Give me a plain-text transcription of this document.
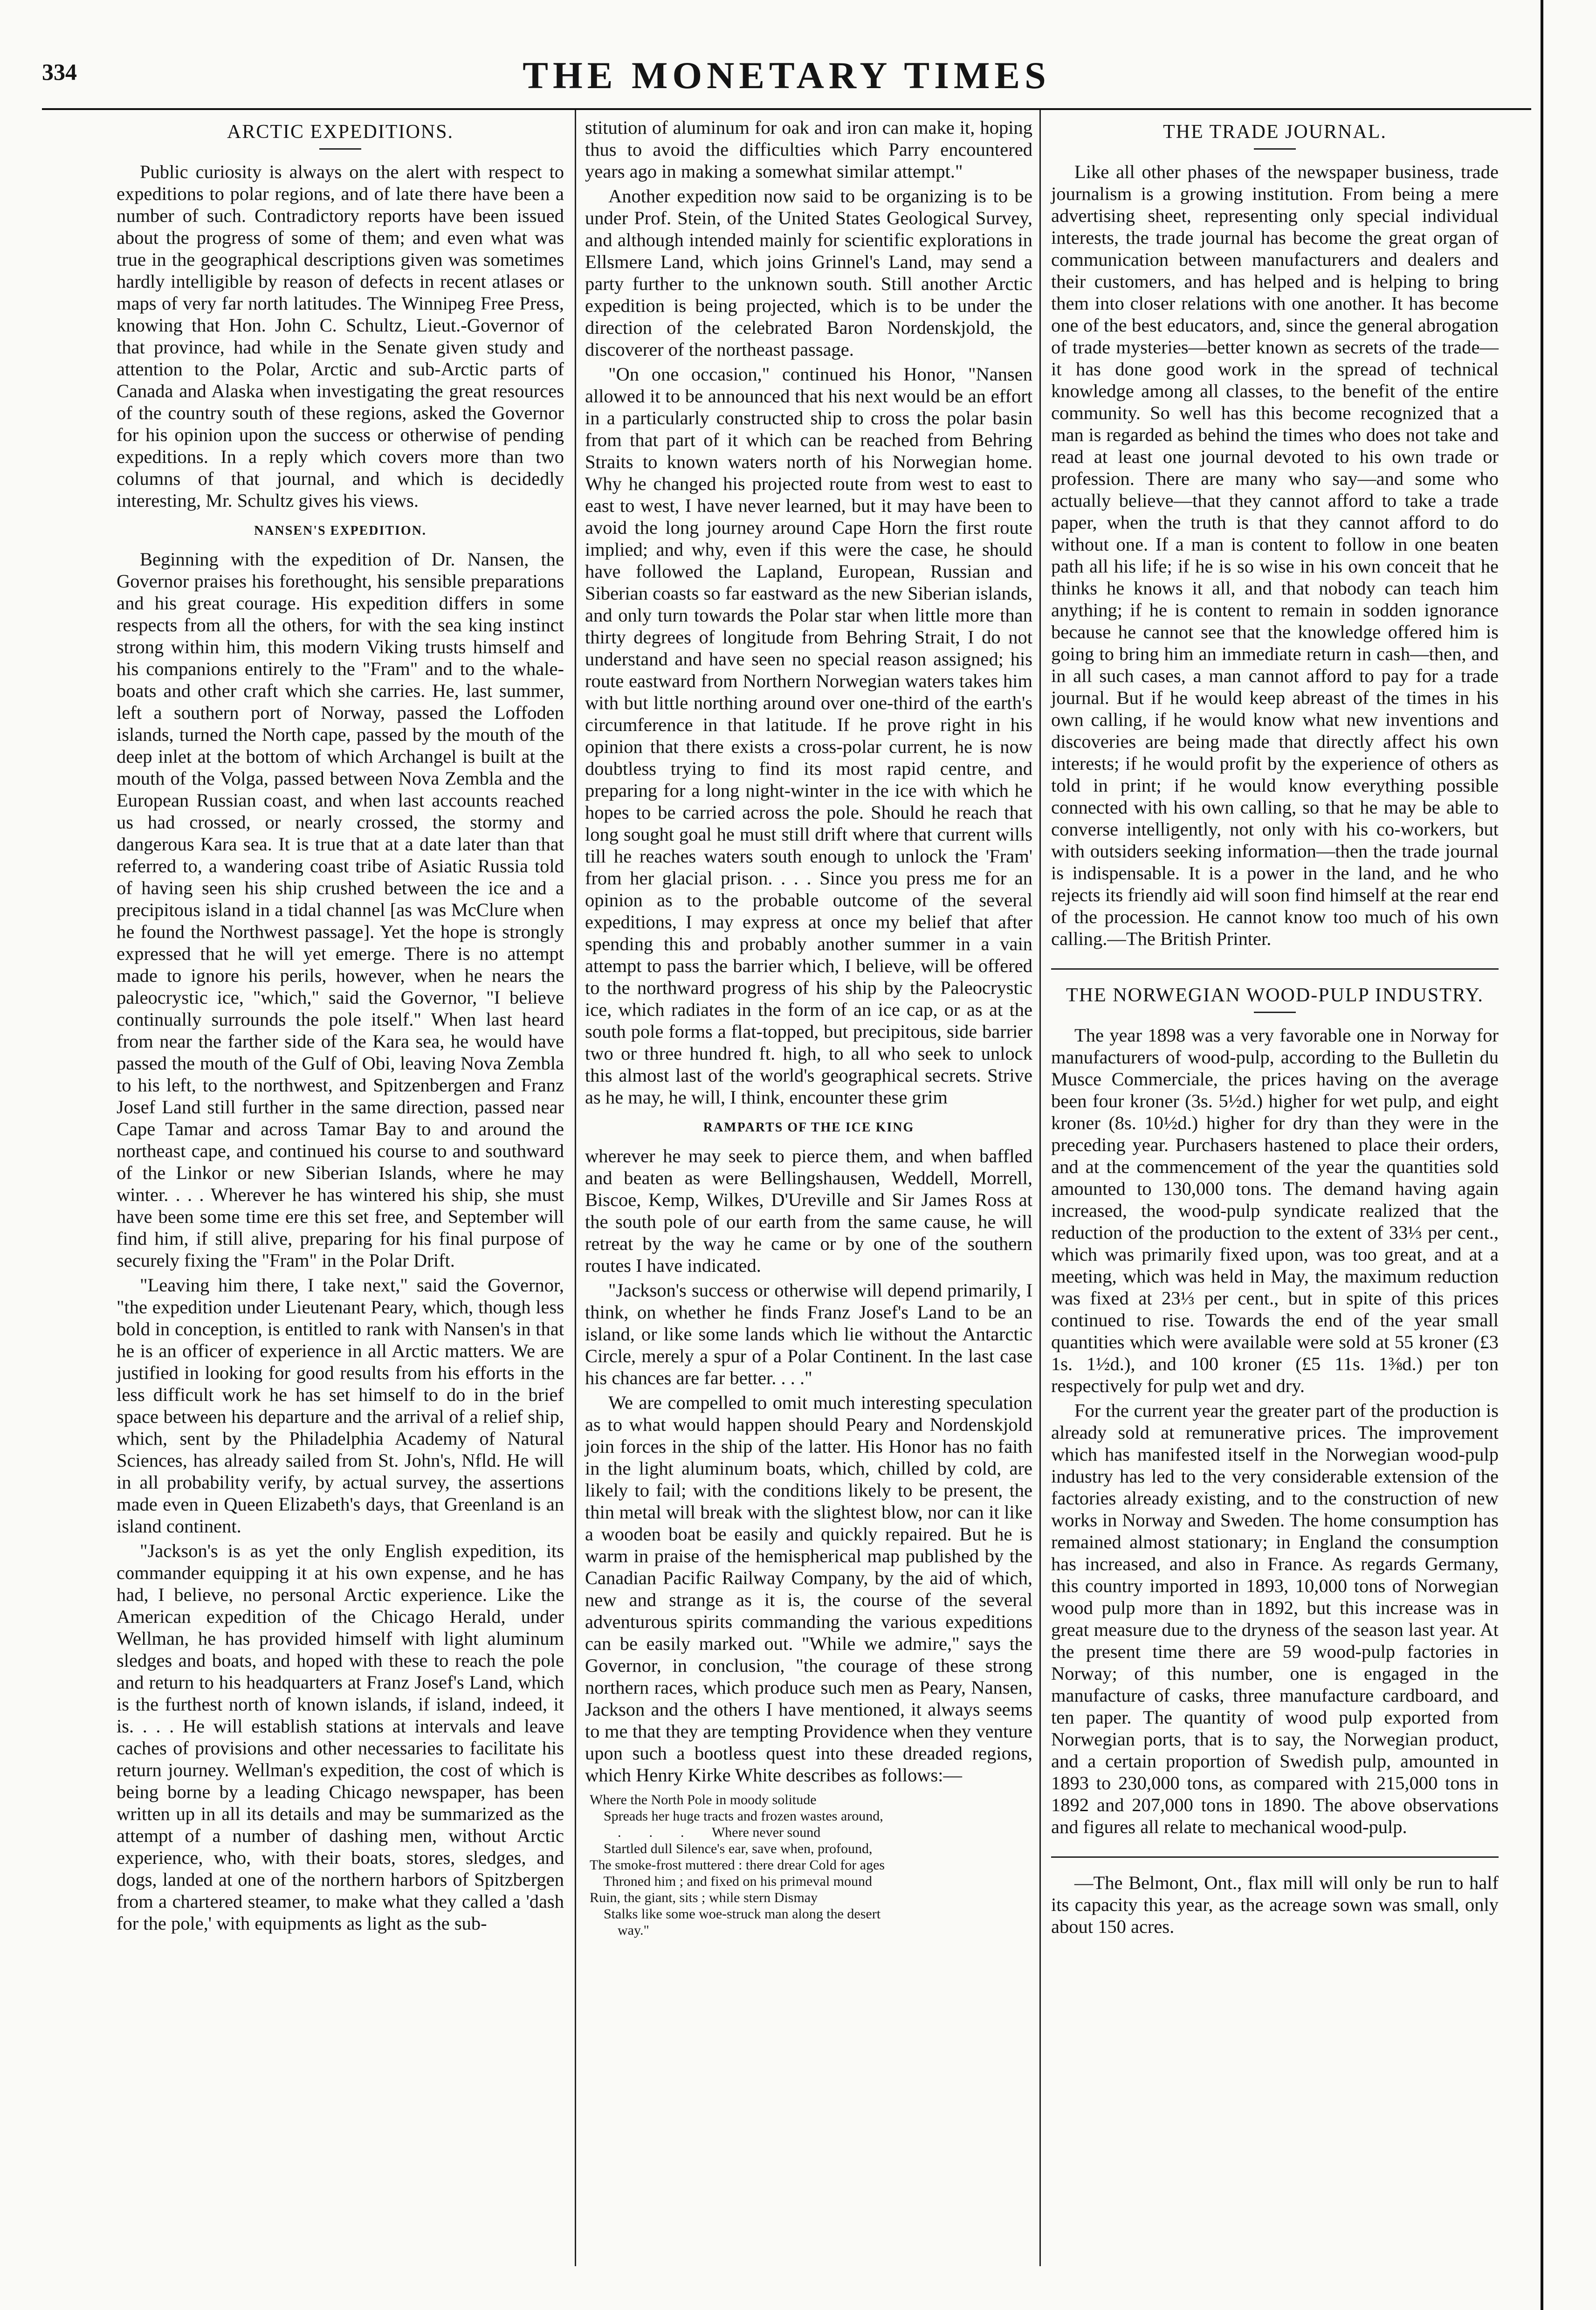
334	THE MONETARY TIMES
ARCTIC EXPEDITIONS.

Public curiosity is always on the alert with respect to expeditions to polar regions, and of late there have been a number of such. Contradictory reports have been issued about the progress of some of them; and even what was true in the geographical descriptions given was sometimes hardly intelligible by reason of defects in recent atlases or maps of very far north latitudes. The Winnipeg Free Press, knowing that Hon. John C. Schultz, Lieut.-Governor of that province, had while in the Senate given study and attention to the Polar, Arctic and sub-Arctic parts of Canada and Alaska when investigating the great resources of the country south of these regions, asked the Governor for his opinion upon the success or otherwise of pending expeditions. In a reply which covers more than two columns of that journal, and which is decidedly interesting, Mr. Schultz gives his views.

NANSEN'S EXPEDITION.

Beginning with the expedition of Dr. Nansen, the Governor praises his forethought, his sensible preparations and his great courage. His expedition differs in some respects from all the others, for with the sea king instinct strong within him, this modern Viking trusts himself and his companions entirely to the "Fram" and to the whale-boats and other craft which she carries. He, last summer, left a southern port of Norway, passed the Loffoden islands, turned the North cape, passed by the mouth of the deep inlet at the bottom of which Archangel is built at the mouth of the Volga, passed between Nova Zembla and the European Russian coast, and when last accounts reached us had crossed, or nearly crossed, the stormy and dangerous Kara sea. It is true that at a date later than that referred to, a wandering coast tribe of Asiatic Russia told of having seen his ship crushed between the ice and a precipitous island in a tidal channel [as was McClure when he found the Northwest passage]. Yet the hope is strongly expressed that he will yet emerge. There is no attempt made to ignore his perils, however, when he nears the paleocrystic ice, "which," said the Governor, "I believe continually surrounds the pole itself." When last heard from near the farther side of the Kara sea, he would have passed the mouth of the Gulf of Obi, leaving Nova Zembla to his left, to the northwest, and Spitzenbergen and Franz Josef Land still further in the same direction, passed near Cape Tamar and across Tamar Bay to and around the northeast cape, and continued his course to and southward of the Linkor or new Siberian Islands, where he may winter. . . . Wherever he has wintered his ship, she must have been some time ere this set free, and September will find him, if still alive, preparing for his final purpose of securely fixing the "Fram" in the Polar Drift.

"Leaving him there, I take next," said the Governor, "the expedition under Lieutenant Peary, which, though less bold in conception, is entitled to rank with Nansen's in that he is an officer of experience in all Arctic matters. We are justified in looking for good results from his efforts in the less difficult work he has set himself to do in the brief space between his departure and the arrival of a relief ship, which, sent by the Philadelphia Academy of Natural Sciences, has already sailed from St. John's, Nfld. He will in all probability verify, by actual survey, the assertions made even in Queen Elizabeth's days, that Greenland is an island continent.

"Jackson's is as yet the only English expedition, its commander equipping it at his own expense, and he has had, I believe, no personal Arctic experience. Like the American expedition of the Chicago Herald, under Wellman, he has provided himself with light aluminum sledges and boats, and hoped with these to reach the pole and return to his headquarters at Franz Josef's Land, which is the furthest north of known islands, if island, indeed, it is. . . . He will establish stations at intervals and leave caches of provisions and other necessaries to facilitate his return journey. Wellman's expedition, the cost of which is being borne by a leading Chicago newspaper, has been written up in all its details and may be summarized as the attempt of a number of dashing men, without Arctic experience, who, with their boats, stores, sledges, and dogs, landed at one of the northern harbors of Spitzbergen from a chartered steamer, to make what they called a 'dash for the pole,' with equipments as light as the sub-

stitution of aluminum for oak and iron can make it, hoping thus to avoid the difficulties which Parry encountered years ago in making a somewhat similar attempt."

Another expedition now said to be organizing is to be under Prof. Stein, of the United States Geological Survey, and although intended mainly for scientific explorations in Ellsmere Land, which joins Grinnel's Land, may send a party further to the unknown south. Still another Arctic expedition is being projected, which is to be under the direction of the celebrated Baron Nordenskjold, the discoverer of the northeast passage.

"On one occasion," continued his Honor, "Nansen allowed it to be announced that his next would be an effort in a particularly constructed ship to cross the polar basin from that part of it which can be reached from Behring Straits to known waters north of his Norwegian home. Why he changed his projected route from west to east to east to west, I have never learned, but it may have been to avoid the long journey around Cape Horn the first route implied; and why, even if this were the case, he should have followed the Lapland, European, Russian and Siberian coasts so far eastward as the new Siberian islands, and only turn towards the Polar star when little more than thirty degrees of longitude from Behring Strait, I do not understand and have seen no special reason assigned; his route eastward from Northern Norwegian waters takes him with but little northing around over one-third of the earth's circumference in that latitude. If he prove right in his opinion that there exists a cross-polar current, he is now doubtless trying to find its most rapid centre, and preparing for a long night-winter in the ice with which he hopes to be carried across the pole. Should he reach that long sought goal he must still drift where that current wills till he reaches waters south enough to unlock the 'Fram' from her glacial prison. . . . Since you press me for an opinion as to the probable outcome of the several expeditions, I may express at once my belief that after spending this and probably another summer in a vain attempt to pass the barrier which, I believe, will be offered to the northward progress of his ship by the Paleocrystic ice, which radiates in the form of an ice cap, or as at the south pole forms a flat-topped, but precipitous, side barrier two or three hundred ft. high, to all who seek to unlock this almost last of the world's geographical secrets. Strive as he may, he will, I think, encounter these grim

RAMPARTS OF THE ICE KING

wherever he may seek to pierce them, and when baffled and beaten as were Bellingshausen, Weddell, Morrell, Biscoe, Kemp, Wilkes, D'Ureville and Sir James Ross at the south pole of our earth from the same cause, he will retreat by the way he came or by one of the southern routes I have indicated.

"Jackson's success or otherwise will depend primarily, I think, on whether he finds Franz Josef's Land to be an island, or like some lands which lie without the Antarctic Circle, merely a spur of a Polar Continent. In the last case his chances are far better. . . ."

We are compelled to omit much interesting speculation as to what would happen should Peary and Nordenskjold join forces in the ship of the latter. His Honor has no faith in the light aluminum boats, which, chilled by cold, are likely to fail; with the conditions likely to be present, the thin metal will break with the slightest blow, nor can it like a wooden boat be easily and quickly repaired. But he is warm in praise of the hemispherical map published by the Canadian Pacific Railway Company, by the aid of which, new and strange as it is, the course of the several adventurous spirits commanding the various expeditions can be easily marked out. "While we admire," says the Governor, in conclusion, "the courage of these strong northern races, which produce such men as Peary, Nansen, Jackson and the others I have mentioned, it always seems to me that they are tempting Providence when they venture upon such a bootless quest into these dreaded regions, which Henry Kirke White describes as follows:—

Where the North Pole in moody solitude
Spreads her huge tracts and frozen wastes around,
.        .        .        Where never sound
Startled dull Silence's ear, save when, profound,
The smoke-frost muttered : there drear Cold for ages
Throned him ; and fixed on his primeval mound
Ruin, the giant, sits ; while stern Dismay
Stalks like some woe-struck man along the desert
way."
THE TRADE JOURNAL.

Like all other phases of the newspaper business, trade journalism is a growing institution. From being a mere advertising sheet, representing only special individual interests, the trade journal has become the great organ of communication between manufacturers and dealers and their customers, and has helped and is helping to bring them into closer relations with one another. It has become one of the best educators, and, since the general abrogation of trade mysteries—better known as secrets of the trade—it has done good work in the spread of technical knowledge among all classes, to the benefit of the entire community. So well has this become recognized that a man is regarded as behind the times who does not take and read at least one journal devoted to his own trade or profession. There are many who say—and some who actually believe—that they cannot afford to take a trade paper, when the truth is that they cannot afford to do without one. If a man is content to follow in one beaten path all his life; if he is so wise in his own conceit that he thinks he knows it all, and that nobody can teach him anything; if he is content to remain in sodden ignorance because he cannot see that the knowledge offered him is going to bring him an immediate return in cash—then, and in all such cases, a man cannot afford to pay for a trade journal. But if he would keep abreast of the times in his own calling, if he would know what new inventions and discoveries are being made that directly affect his own interests; if he would profit by the experience of others as told in print; if he would know everything possible connected with his own calling, so that he may be able to converse intelligently, not only with his co-workers, but with outsiders seeking information—then the trade journal is indispensable. It is a power in the land, and he who rejects its friendly aid will soon find himself at the rear end of the procession. He cannot know too much of his own calling.—The British Printer.

THE NORWEGIAN WOOD-PULP INDUSTRY.

The year 1898 was a very favorable one in Norway for manufacturers of wood-pulp, according to the Bulletin du Musce Commerciale, the prices having on the average been four kroner (3s. 5½d.) higher for wet pulp, and eight kroner (8s. 10½d.) higher for dry than they were in the preceding year. Purchasers hastened to place their orders, and at the commencement of the year the quantities sold amounted to 130,000 tons. The demand having again increased, the wood-pulp syndicate realized that the reduction of the production to the extent of 33⅓ per cent., which was primarily fixed upon, was too great, and at a meeting, which was held in May, the maximum reduction was fixed at 23⅓ per cent., but in spite of this prices continued to rise. Towards the end of the year small quantities which were available were sold at 55 kroner (£3 1s. 1½d.), and 100 kroner (£5 11s. 1⅜d.) per ton respectively for pulp wet and dry.

For the current year the greater part of the production is already sold at remunerative prices. The improvement which has manifested itself in the Norwegian wood-pulp industry has led to the very considerable extension of the factories already existing, and to the construction of new works in Norway and Sweden. The home consumption has remained almost stationary; in England the consumption has increased, and also in France. As regards Germany, this country imported in 1893, 10,000 tons of Norwegian wood pulp more than in 1892, but this increase was in great measure due to the dryness of the season last year. At the present time there are 59 wood-pulp factories in Norway; of this number, one is engaged in the manufacture of casks, three manufacture cardboard, and ten paper. The quantity of wood pulp exported from Norwegian ports, that is to say, the Norwegian product, and a certain proportion of Swedish pulp, amounted in 1893 to 230,000 tons, as compared with 215,000 tons in 1892 and 207,000 tons in 1890. The above observations and figures all relate to mechanical wood-pulp.

—The Belmont, Ont., flax mill will only be run to half its capacity this year, as the acreage sown was small, only about 150 acres.
